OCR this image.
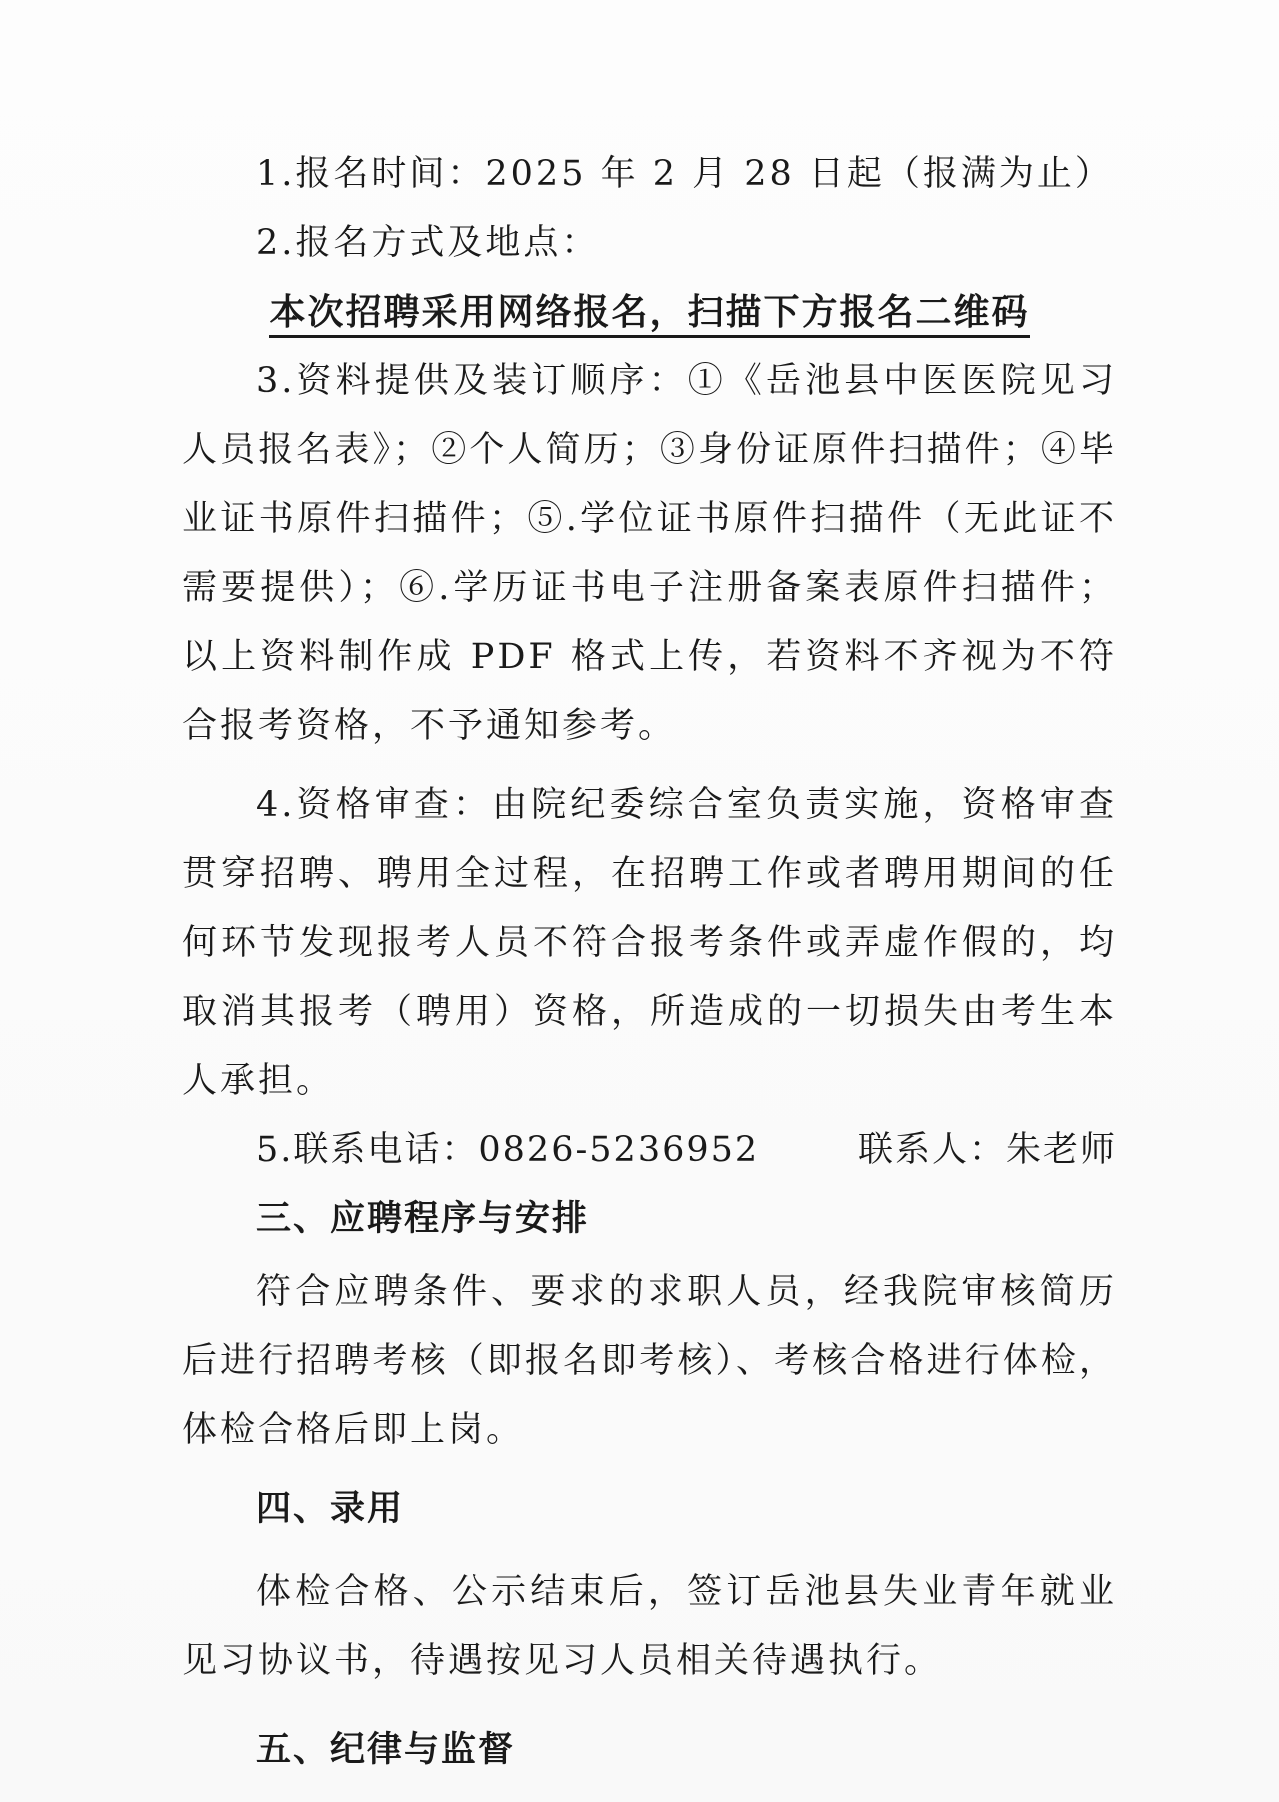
1.报名时间：2025 年 2 月 28 日起（报满为止）

2.报名方式及地点：

本次招聘采用网络报名，扫描下方报名二维码

3.资料提供及装订顺序：①《岳池县中医医院见习人员报名表》；②个人简历；③身份证原件扫描件；④毕业证书原件扫描件；⑤.学位证书原件扫描件（无此证不需要提供）；⑥.学历证书电子注册备案表原件扫描件；以上资料制作成 PDF 格式上传，若资料不齐视为不符合报考资格，不予通知参考。

4.资格审查：由院纪委综合室负责实施，资格审查贯穿招聘、聘用全过程，在招聘工作或者聘用期间的任何环节发现报考人员不符合报考条件或弄虚作假的，均取消其报考（聘用）资格，所造成的一切损失由考生本人承担。

5.联系电话：0826-5236952	联系人：朱老师

三、应聘程序与安排

符合应聘条件、要求的求职人员，经我院审核简历后进行招聘考核（即报名即考核）、考核合格进行体检，体检合格后即上岗。

四、录用

体检合格、公示结束后，签订岳池县失业青年就业见习协议书，待遇按见习人员相关待遇执行。

五、纪律与监督
